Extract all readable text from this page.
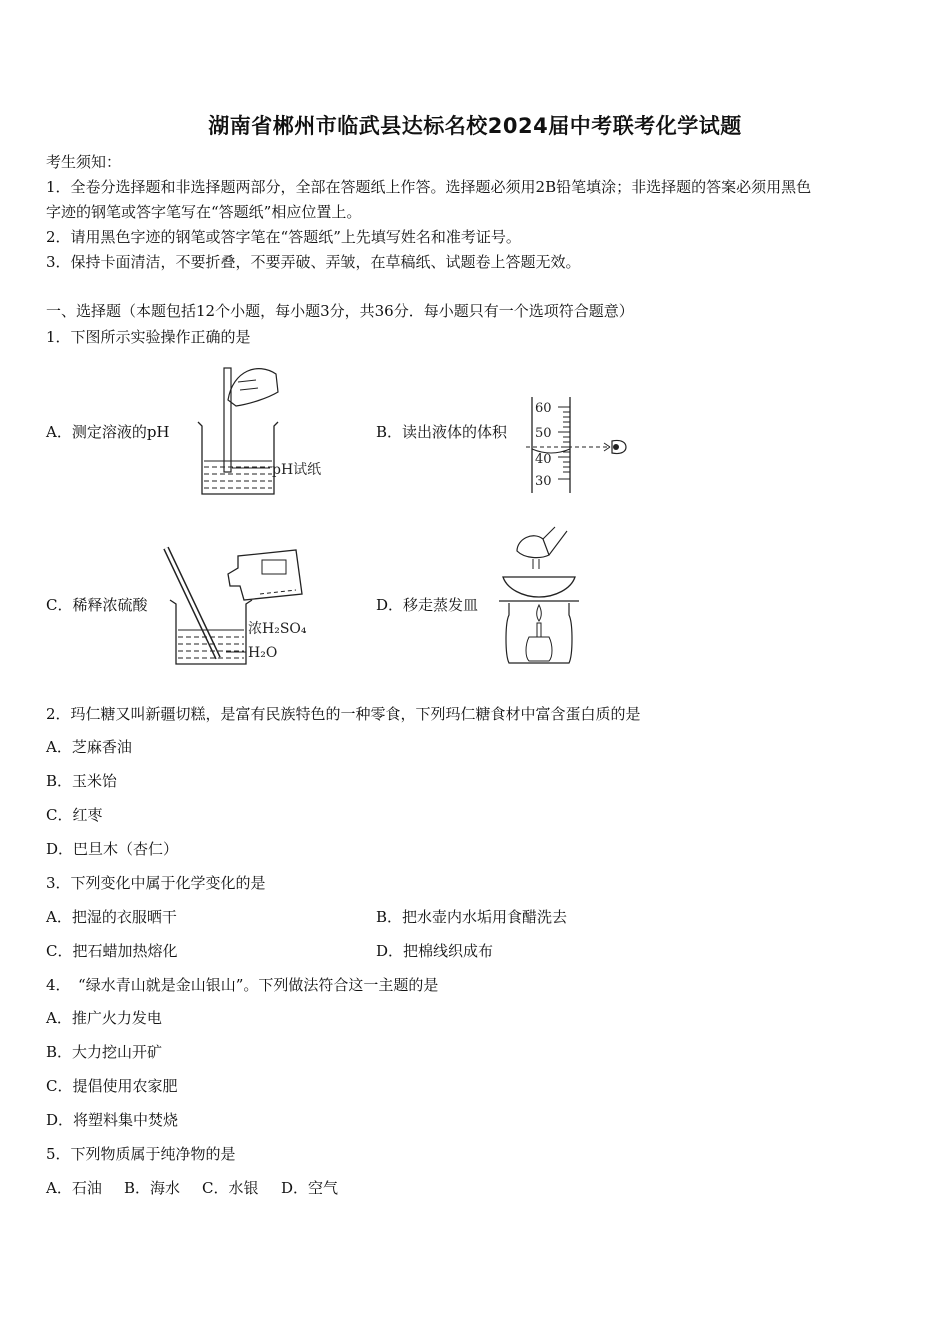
湖南省郴州市临武县达标名校2024届中考联考化学试题
考生须知：
1．全卷分选择题和非选择题两部分，全部在答题纸上作答。选择题必须用2B铅笔填涂；非选择题的答案必须用黑色
字迹的钢笔或答字笔写在“答题纸”相应位置上。
2．请用黑色字迹的钢笔或答字笔在“答题纸”上先填写姓名和准考证号。
3．保持卡面清洁，不要折叠，不要弄破、弄皱，在草稿纸、试题卷上答题无效。
一、选择题（本题包括12个小题，每小题3分，共36分．每小题只有一个选项符合题意）
1．下图所示实验操作正确的是
A．测定溶液的pH	B．读出液体的体积
C．稀释浓硫酸	D．移走蒸发皿
pH试纸
60
50
40
30
浓H₂SO₄
H₂O
2．玛仁糖又叫新疆切糕，是富有民族特色的一种零食，下列玛仁糖食材中富含蛋白质的是
A．芝麻香油
B．玉米饴
C．红枣
D．巴旦木（杏仁）
3．下列变化中属于化学变化的是
A．把湿的衣服晒干	B．把水壶内水垢用食醋洗去
C．把石蜡加热熔化	D．把棉线织成布
4．　“绿水青山就是金山银山”。下列做法符合这一主题的是
A．推广火力发电
B．大力挖山开矿
C．提倡使用农家肥
D．将塑料集中焚烧
5．下列物质属于纯净物的是
A．石油 B．海水 C．水银 D．空气
